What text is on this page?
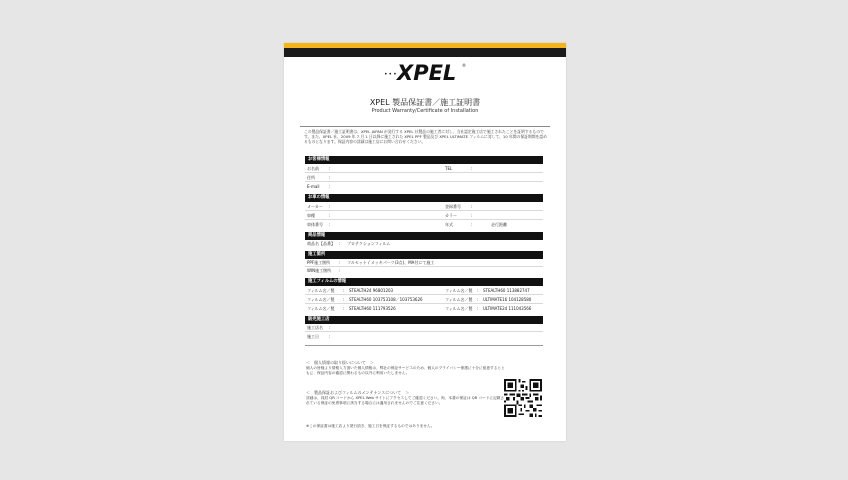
••• XPEL ®
XPEL 製品保証書／施工証明書
Product Warranty/Certificate of Installation
この製品保証書／施工証明書は、XPEL JAPAN が発行する XPEL 社製品の施工者に対し、当社認定施工店で施工されたことを証明するものです。また、XPEL 社、2009 年 7 月 1 日以降に施工された XPEL PPF 製品及び XPEL ULTIMATE フィルムに対して、10 年間の保証期間を認めるものとなります。保証内容の詳細は施工店にお問い合わせください。
お客様情報
お名前	:	TEL	:
住所	:
E-mail :
お車の情報
メーカー :	登録番号	:
車種	:	カラー	:
車体番号 :	年式	:	走行距離
商品情報
商品名【品番】 : プロテクションフィルム
施工箇所
PPF施工箇所 : フルセット / メッキパーツ(3点)、MA付にて施工
WIN施工箇所 :
施工フィルムの情報
フィルム名／製 : STEALTH24 96801203	フィルム名／製 : STEALTH60 113882747
フィルム名／製 : STEALTH60 103753108／103753626	フィルム名／製 : ULTIMATE16 104128580
フィルム名／製 : STEALTH60 111793526	フィルム名／製 : ULTIMATE24 111043566
販売施工店
施工店名 :
施工日	:
＜　個人情報の取り扱いについて　＞
個人の皆様より情報入力頂いた個人情報は、弊社の保証サービスのため、個人のプライバシー保護に十分に留意するとともに、保証内容の確認に関わるもの以外に利用いたしません。
＜　製品保証およびフィルムのメンテナンスについて　＞
詳細は、同封 QR コードから XPEL Web サイトにアクセスしてご確認ください。尚、本書の保証は QR コードに記載されている保証の免責事項に該当する場合には適用されませんのでご注意ください。
※この保証書は施工店より発行頂き、施工日を保証するものではありません。
